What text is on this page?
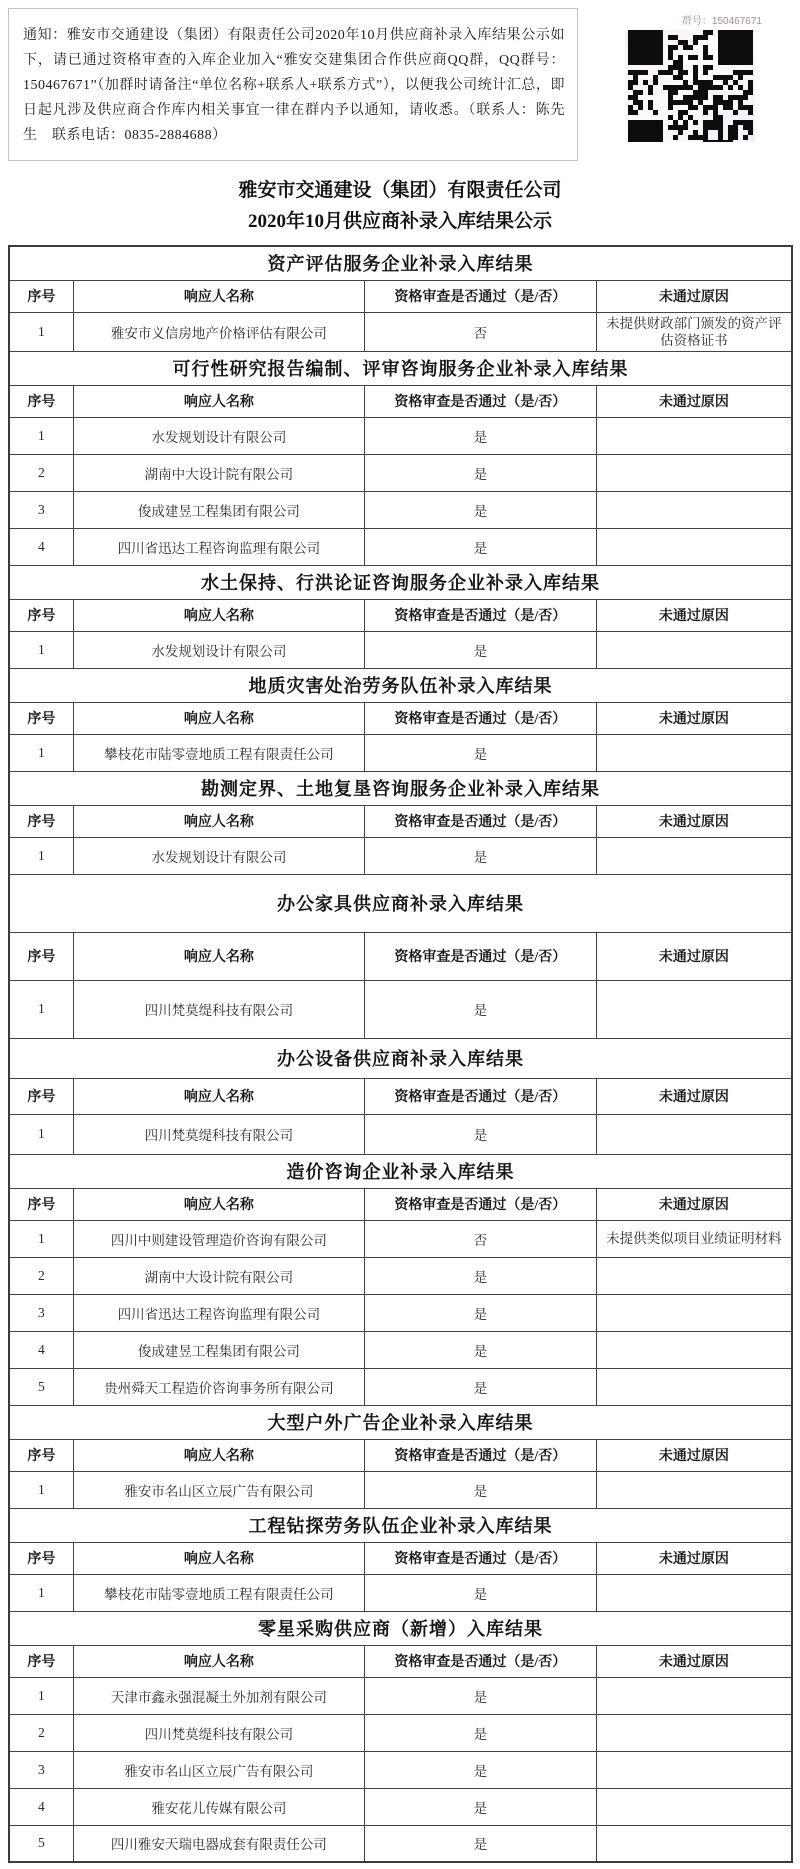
通知：雅安市交通建设（集团）有限责任公司2020年10月供应商补录入库结果公示如下，请已通过资格审查的入库企业加入“雅安交建集团合作供应商QQ群，QQ群号：150467671”（加群时请备注“单位名称+联系人+联系方式”），以便我公司统计汇总，即日起凡涉及供应商合作库内相关事宜一律在群内予以通知，请收悉。（联系人：陈先生　联系电话：0835-2884688）
群号：150467671
雅安市交通建设（集团）有限责任公司
2020年10月供应商补录入库结果公示
资产评估服务企业补录入库结果			
序号	响应人名称	资格审查是否通过（是/否）	未通过原因
1	雅安市义信房地产价格评估有限公司	否	未提供财政部门颁发的资产评估资格证书
可行性研究报告编制、评审咨询服务企业补录入库结果			
序号	响应人名称	资格审查是否通过（是/否）	未通过原因
1	水发规划设计有限公司	是	
2	湖南中大设计院有限公司	是	
3	俊成建昱工程集团有限公司	是	
4	四川省迅达工程咨询监理有限公司	是	
水土保持、行洪论证咨询服务企业补录入库结果			
序号	响应人名称	资格审查是否通过（是/否）	未通过原因
1	水发规划设计有限公司	是	
地质灾害处治劳务队伍补录入库结果			
序号	响应人名称	资格审查是否通过（是/否）	未通过原因
1	攀枝花市陆零壹地质工程有限责任公司	是	
勘测定界、土地复垦咨询服务企业补录入库结果			
序号	响应人名称	资格审查是否通过（是/否）	未通过原因
1	水发规划设计有限公司	是	
办公家具供应商补录入库结果			
序号	响应人名称	资格审查是否通过（是/否）	未通过原因
1	四川梵莫缇科技有限公司	是	
办公设备供应商补录入库结果			
序号	响应人名称	资格审查是否通过（是/否）	未通过原因
1	四川梵莫缇科技有限公司	是	
造价咨询企业补录入库结果			
序号	响应人名称	资格审查是否通过（是/否）	未通过原因
1	四川中则建设管理造价咨询有限公司	否	未提供类似项目业绩证明材料
2	湖南中大设计院有限公司	是	
3	四川省迅达工程咨询监理有限公司	是	
4	俊成建昱工程集团有限公司	是	
5	贵州舜天工程造价咨询事务所有限公司	是	
大型户外广告企业补录入库结果			
序号	响应人名称	资格审查是否通过（是/否）	未通过原因
1	雅安市名山区立辰广告有限公司	是	
工程钻探劳务队伍企业补录入库结果			
序号	响应人名称	资格审查是否通过（是/否）	未通过原因
1	攀枝花市陆零壹地质工程有限责任公司	是	
零星采购供应商（新增）入库结果			
序号	响应人名称	资格审查是否通过（是/否）	未通过原因
1	天津市鑫永强混凝土外加剂有限公司	是	
2	四川梵莫缇科技有限公司	是	
3	雅安市名山区立辰广告有限公司	是	
4	雅安花儿传媒有限公司	是	
5	四川雅安天瑞电器成套有限责任公司	是	
